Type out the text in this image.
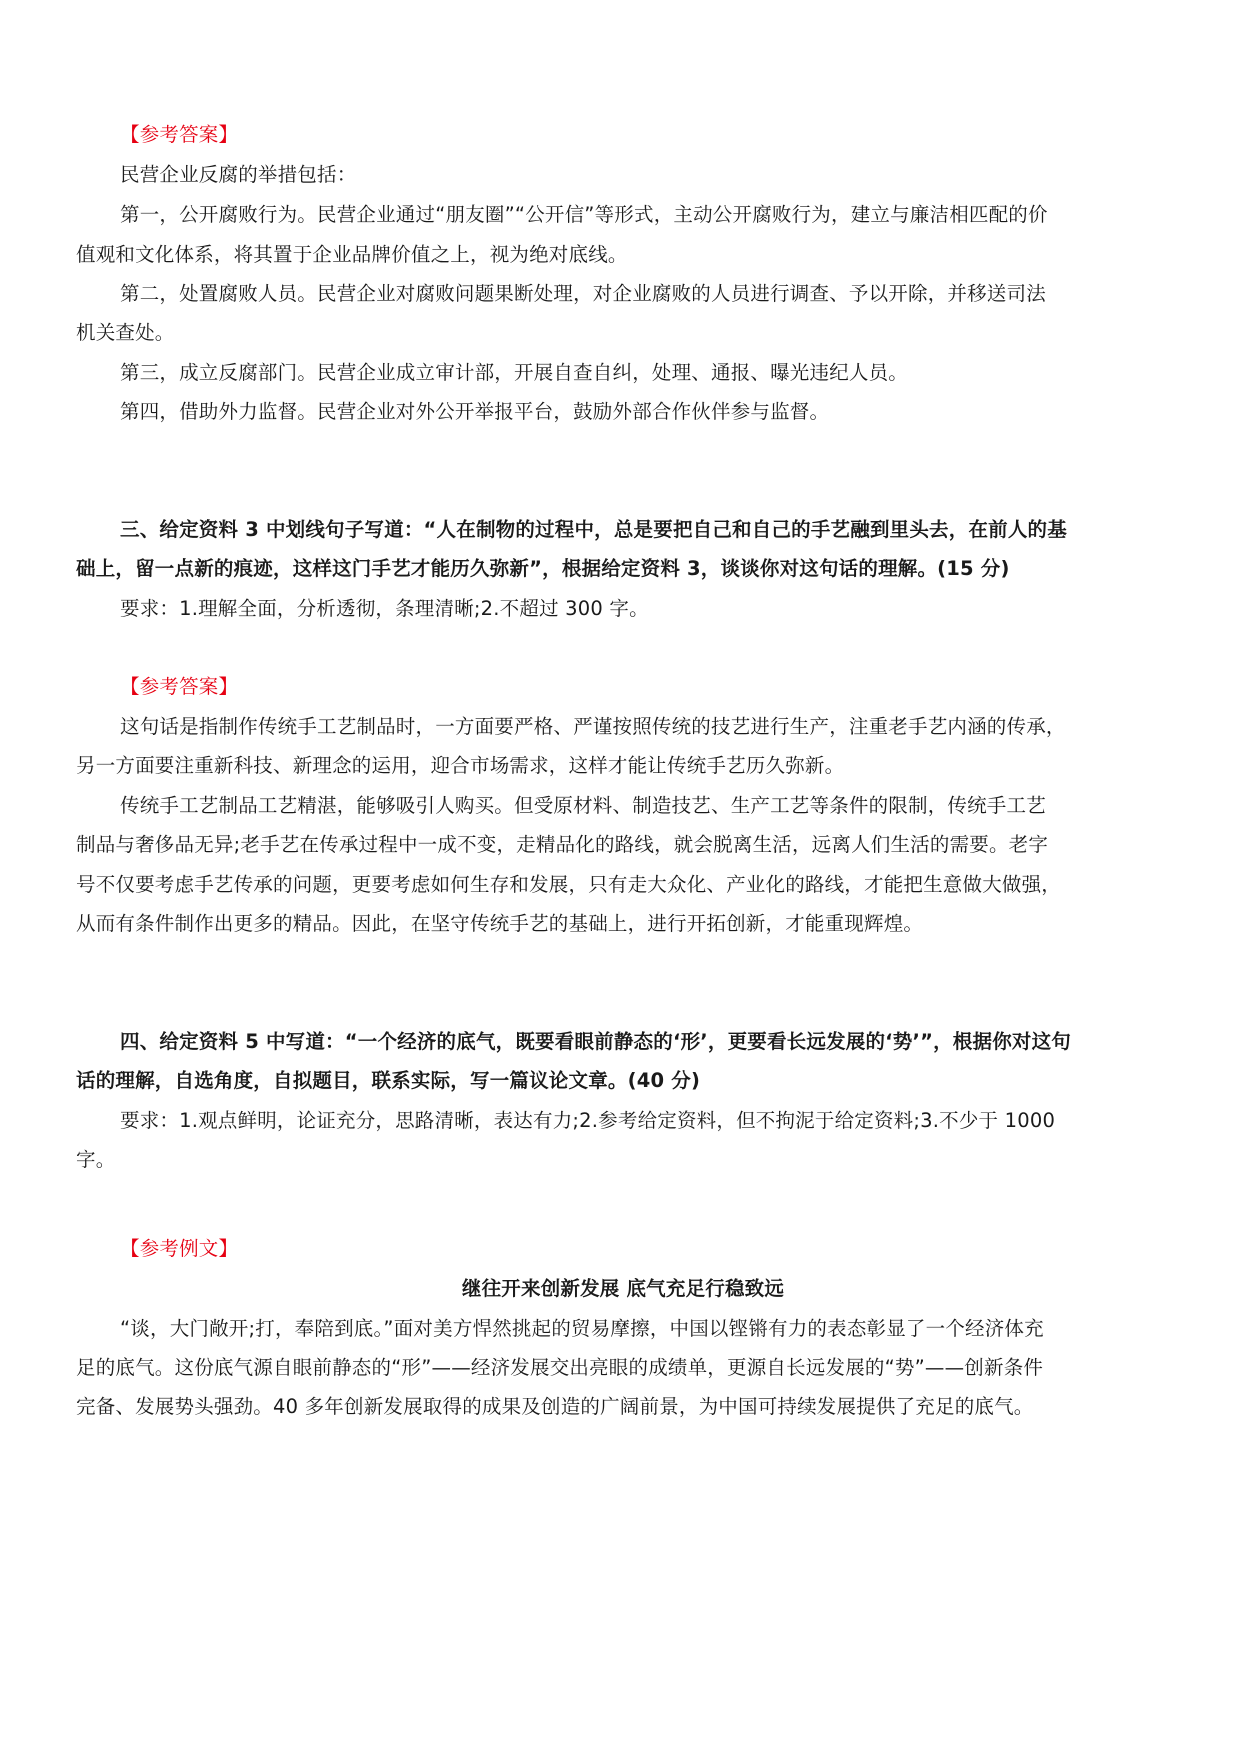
【参考答案】
民营企业反腐的举措包括：
第一，公开腐败行为。民营企业通过“朋友圈”“公开信”等形式，主动公开腐败行为，建立与廉洁相匹配的价
值观和文化体系，将其置于企业品牌价值之上，视为绝对底线。
第二，处置腐败人员。民营企业对腐败问题果断处理，对企业腐败的人员进行调查、予以开除，并移送司法
机关查处。
第三，成立反腐部门。民营企业成立审计部，开展自查自纠，处理、通报、曝光违纪人员。
第四，借助外力监督。民营企业对外公开举报平台，鼓励外部合作伙伴参与监督。
三、给定资料 3 中划线句子写道：“人在制物的过程中，总是要把自己和自己的手艺融到里头去，在前人的基
础上，留一点新的痕迹，这样这门手艺才能历久弥新”，根据给定资料 3，谈谈你对这句话的理解。(15 分)
要求：1.理解全面，分析透彻，条理清晰;2.不超过 300 字。
【参考答案】
这句话是指制作传统手工艺制品时，一方面要严格、严谨按照传统的技艺进行生产，注重老手艺内涵的传承，
另一方面要注重新科技、新理念的运用，迎合市场需求，这样才能让传统手艺历久弥新。
传统手工艺制品工艺精湛，能够吸引人购买。但受原材料、制造技艺、生产工艺等条件的限制，传统手工艺
制品与奢侈品无异;老手艺在传承过程中一成不变，走精品化的路线，就会脱离生活，远离人们生活的需要。老字
号不仅要考虑手艺传承的问题，更要考虑如何生存和发展，只有走大众化、产业化的路线，才能把生意做大做强，
从而有条件制作出更多的精品。因此，在坚守传统手艺的基础上，进行开拓创新，才能重现辉煌。
四、给定资料 5 中写道：“一个经济的底气，既要看眼前静态的‘形’，更要看长远发展的‘势’”，根据你对这句
话的理解，自选角度，自拟题目，联系实际，写一篇议论文章。(40 分)
要求：1.观点鲜明，论证充分，思路清晰，表达有力;2.参考给定资料，但不拘泥于给定资料;3.不少于 1000
字。
【参考例文】
继往开来创新发展 底气充足行稳致远
“谈，大门敞开;打，奉陪到底。”面对美方悍然挑起的贸易摩擦，中国以铿锵有力的表态彰显了一个经济体充
足的底气。这份底气源自眼前静态的“形”——经济发展交出亮眼的成绩单，更源自长远发展的“势”——创新条件
完备、发展势头强劲。40 多年创新发展取得的成果及创造的广阔前景，为中国可持续发展提供了充足的底气。
